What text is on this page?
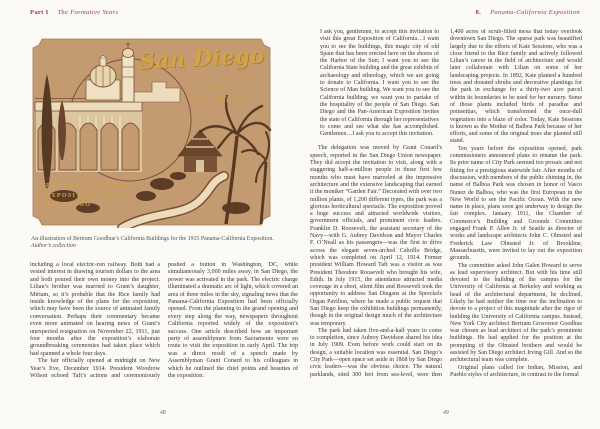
Part I The Formative Years	8. Panama-California Exposition
San Diego
AND
VICINITY
PANAMA CALIFORNIA
EXPOSITION · 1915
SAN DIEGO
An illustration of Bertram Goodhue’s California Buildings for the 1915 Panama-California Exposition. Author’s collection

including a local electric-run railway. Both had a vested interest in drawing tourism dollars to the area and both poured their own money into the project. Lilian’s brother was married to Grant’s daughter, Miriam, so it’s probable that the Rice family had inside knowledge of the plans for the exposition, which may have been the source of animated family conversation. Perhaps their commentary became even more animated on hearing news of Grant’s unexpected resignation on November 22, 1911, just four months after the exposition’s elaborate groundbreaking ceremonies had taken place which had spanned a whole four days.

The fair officially opened at midnight on New Year’s Eve, December 1914. President Woodrow Wilson echoed Taft’s actions and ceremoniously pushed a button in Washington, DC, while simultaneously 3,000 miles away, in San Diego, the power was activated in the park. The electric charge illuminated a dramatic arc of light, which covered an area of three miles in the sky, signaling news that the Panama-California Exposition had been officially opened. From the planning to the grand opening and every step along the way, newspapers throughout California reported widely of the exposition’s success. One article described how an important party of assemblymen from Sacramento were en route to visit the exposition in early April. The trip was a direct result of a speech made by Assemblyman Grant Conard to his colleagues in which he outlined the chief points and beauties of the exposition.

I ask you, gentlemen, to accept this invitation to visit this great Exposition of California…I want you to see the buildings, this magic city of old Spain that has been erected here on the shores of the Harbor of the Sun; I want you to see the California State building and the great exhibits of archaeology and ethnology, which we are going to donate to California. I want you to see the Science of Man building. We want you to see the California building; we want you to partake of the hospitality of the people of San Diego. San Diego and the Pan-American Exposition invites the state of California through her representatives to come and see what she has accomplished. Gentlemen…I ask you to accept this invitation.

The delegation was moved by Grant Conard’s speech, reported in the San Diego Union newspaper. They did accept the invitation to visit, along with a staggering half-a-million people in those first few months who must have marveled at the impressive architecture and the extensive landscaping that earned it the moniker “Garden Fair.” Decorated with over two million plants, of 1,200 different types, the park was a glorious horticultural spectacle. The exposition proved a huge success and attracted worldwide visitors, government officials, and prominent civic leaders. Franklin D. Roosevelt, the assistant secretary of the Navy—with G. Aubrey Davidson and Mayor Charles F. O’Neall as his passengers—was the first to drive across the elegant seven-arched Cabrillo Bridge, which was completed on April 12, 1914. Former president William Howard Taft was a visitor as was President Theodore Roosevelt who brought his wife, Edith. In July 1915, the attendance attracted media coverage in a short, silent film and Roosevelt took the opportunity to address San Diegans at the Spreckels Organ Pavilion, where he made a public request that San Diego keep the exhibition buildings permanently, though in the original design much of the architecture was temporary.

The park had taken five-and-a-half years to come to completion, since Aubrey Davidson shared his idea in July 1909. Even before work could start on its design, a suitable location was essential. San Diego’s City Park—open space set aside in 1868 by San Diego civic leaders—was the obvious choice. The natural parklands, sited 300 feet from sea-level, were then 1,400 acres of scrub-filled mesa that today overlook downtown San Diego. The sparse park was beautified largely due to the efforts of Kate Sessions, who was a close friend to the Rice family and actively followed Lilian’s career in the field of architecture and would later collaborate with Lilian on some of her landscaping projects. In 1892, Kate planted a hundred trees and donated shrubs and decorative plantings for the park in exchange for a thirty-two acre parcel within its boundaries to be used for her nursery. Some of those plants included birds of paradise and poinsettias, which transformed the once-dull vegetation into a blaze of color. Today, Kate Sessions is known as the Mother of Balboa Park because of her efforts, and some of the original trees she planted still stand.

Ten years before the exposition opened, park commissioners announced plans to rename the park. Its prior name of City Park seemed too prosaic and not fitting for a prestigious statewide fair. After months of discussion, with members of the public chiming in, the name of Balboa Park was chosen in honor of Vasco Nunez de Balboa, who was the first European in the New World to see the Pacific Ocean. With the new name in place, plans soon got underway to design the fair complex. January 1911, the Chamber of Commerce’s Building and Grounds Committee engaged Frank P. Allen Jr. of Seattle as director of works and landscape architects John C. Olmsted and Frederick Law Olmsted Jr. of Brookline, Massachusetts, were invited to lay out the exposition grounds.

The committee asked John Galen Howard to serve as lead supervisory architect. But with his time still devoted to the building of the campus for the University of California at Berkeley and working as head of the architectural department, he declined. Likely he had neither the time nor the inclination to devote to a project of this magnitude after the rigor of building the University of California campus. Instead, New York City architect Bertram Grosvenor Goodhue was chosen as lead architect of the park’s prominent buildings. He had applied for the position at the prompting of the Olmsted brothers and would be assisted by San Diego architect Irving Gill. And so the architectural team was complete.

Original plans called for Indian, Mission, and Pueblo styles of architecture, in contrast to the formal

48	49
